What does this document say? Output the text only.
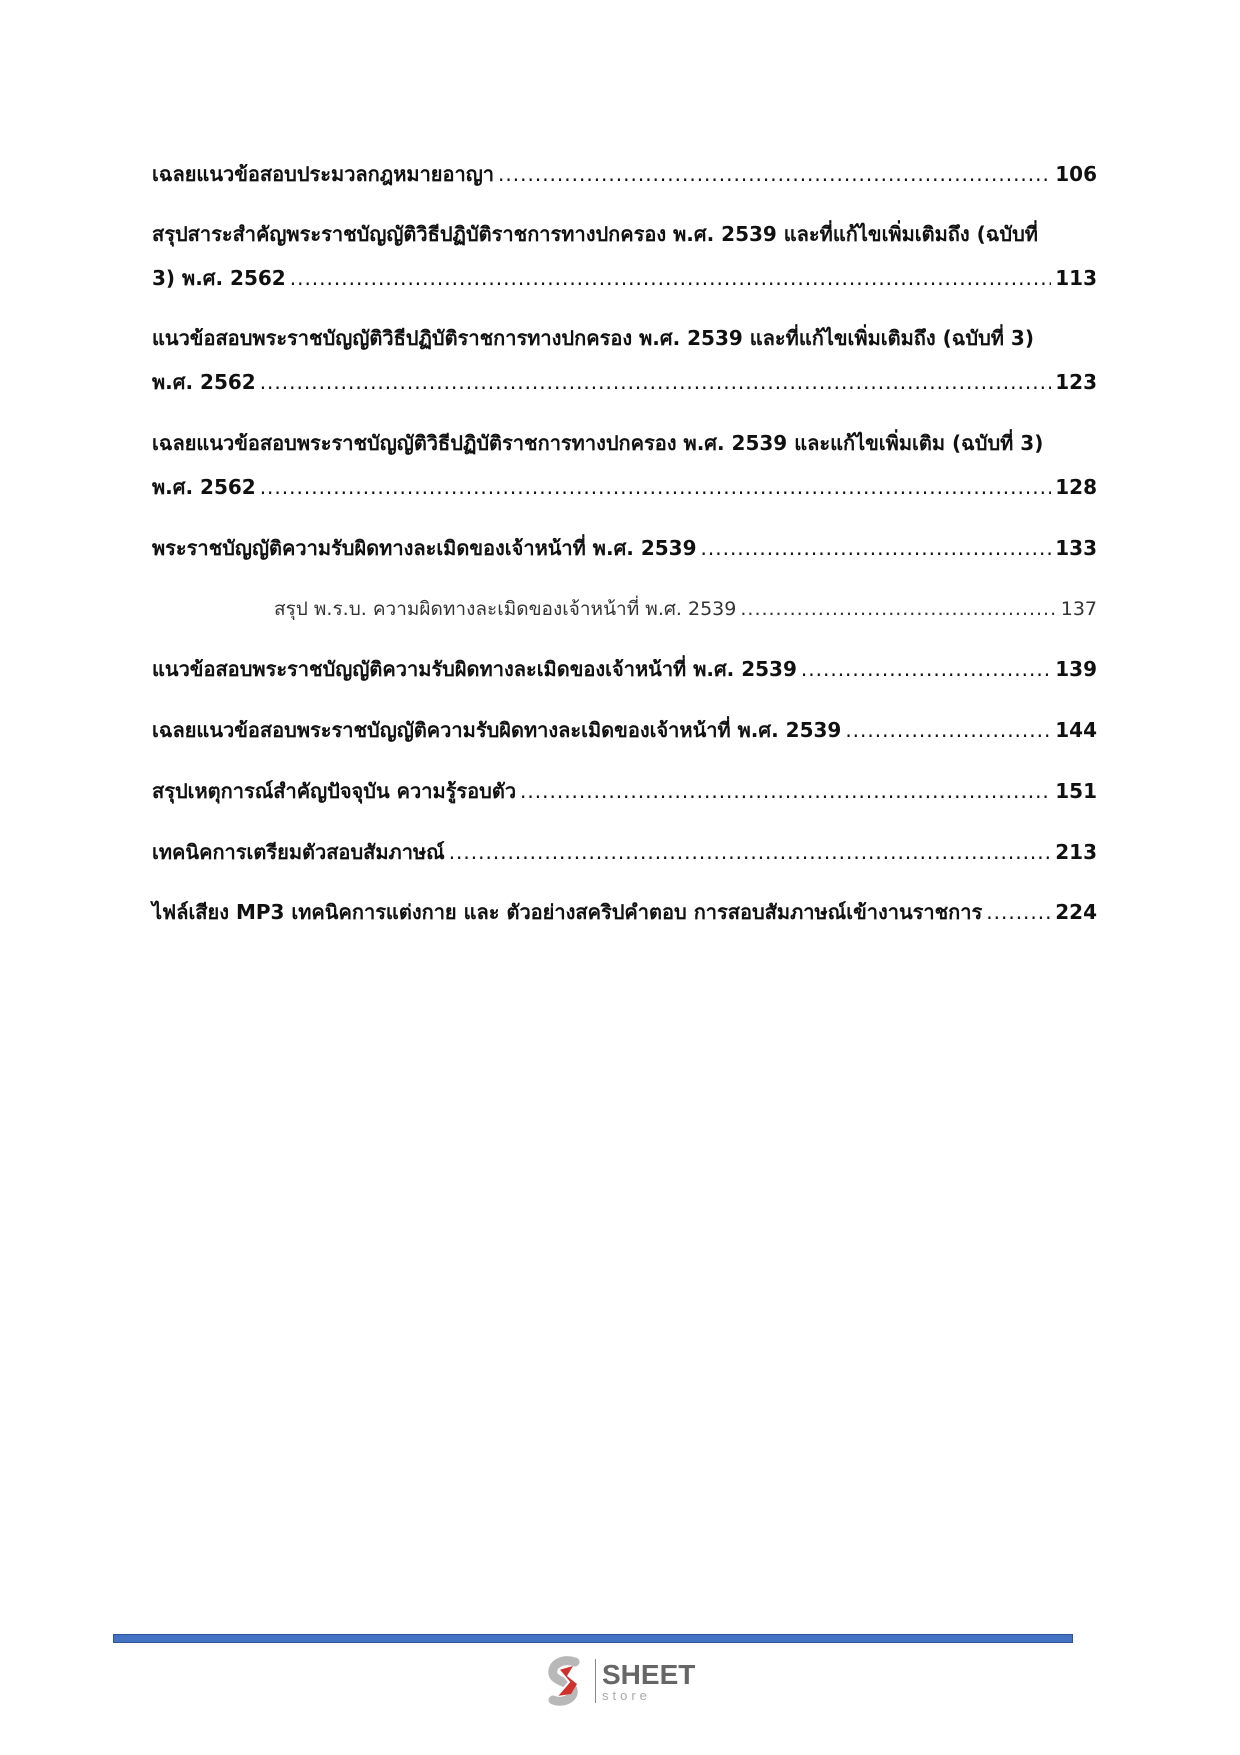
เฉลยแนวข้อสอบประมวลกฎหมายอาญา .....	106
สรุปสาระสำคัญพระราชบัญญัติวิธีปฏิบัติราชการทางปกครอง พ.ศ. 2539 และที่แก้ไขเพิ่มเติมถึง (ฉบับที่
3) พ.ศ. 2562 .....	113
แนวข้อสอบพระราชบัญญัติวิธีปฏิบัติราชการทางปกครอง พ.ศ. 2539 และที่แก้ไขเพิ่มเติมถึง (ฉบับที่ 3)
พ.ศ. 2562 .....	123
เฉลยแนวข้อสอบพระราชบัญญัติวิธีปฏิบัติราชการทางปกครอง พ.ศ. 2539 และแก้ไขเพิ่มเติม (ฉบับที่ 3)
พ.ศ. 2562 .....	128
พระราชบัญญัติความรับผิดทางละเมิดของเจ้าหน้าที่ พ.ศ. 2539 .....	133
สรุป พ.ร.บ. ความผิดทางละเมิดของเจ้าหน้าที่ พ.ศ. 2539 .....	137
แนวข้อสอบพระราชบัญญัติความรับผิดทางละเมิดของเจ้าหน้าที่ พ.ศ. 2539 .....	139
เฉลยแนวข้อสอบพระราชบัญญัติความรับผิดทางละเมิดของเจ้าหน้าที่ พ.ศ. 2539 .....	144
สรุปเหตุการณ์สำคัญปัจจุบัน ความรู้รอบตัว .....	151
เทคนิคการเตรียมตัวสอบสัมภาษณ์ .....	213
ไฟล์เสียง MP3 เทคนิคการแต่งกาย และ ตัวอย่างสคริปคำตอบ การสอบสัมภาษณ์เข้างานราชการ .....	224
SHEET
store
